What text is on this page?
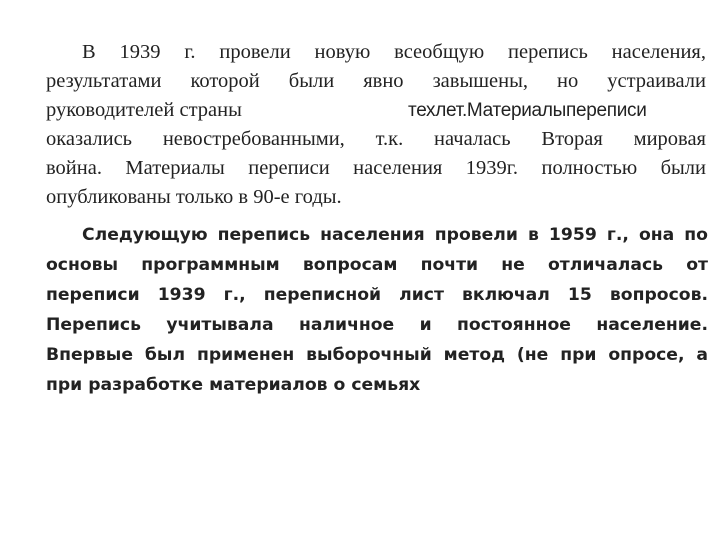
В 1939 г. провели новую всеобщую перепись населения,
результатами которой были явно завышены, но устраивали
руководителей страны	техлет.Материалыпереписи
оказались невостребованными, т.к. началась Вторая мировая
война. Материалы переписи населения 1939г. полностью были
опубликованы только в 90-е годы.
Следующую перепись населения провели в 1959 г., она по
основы программным вопросам почти не отличалась от
переписи 1939 г., переписной лист включал 15 вопросов.
Перепись учитывала наличное и постоянное население.
Впервые был применен выборочный метод (не при опросе, а
при разработке материалов о семьях
